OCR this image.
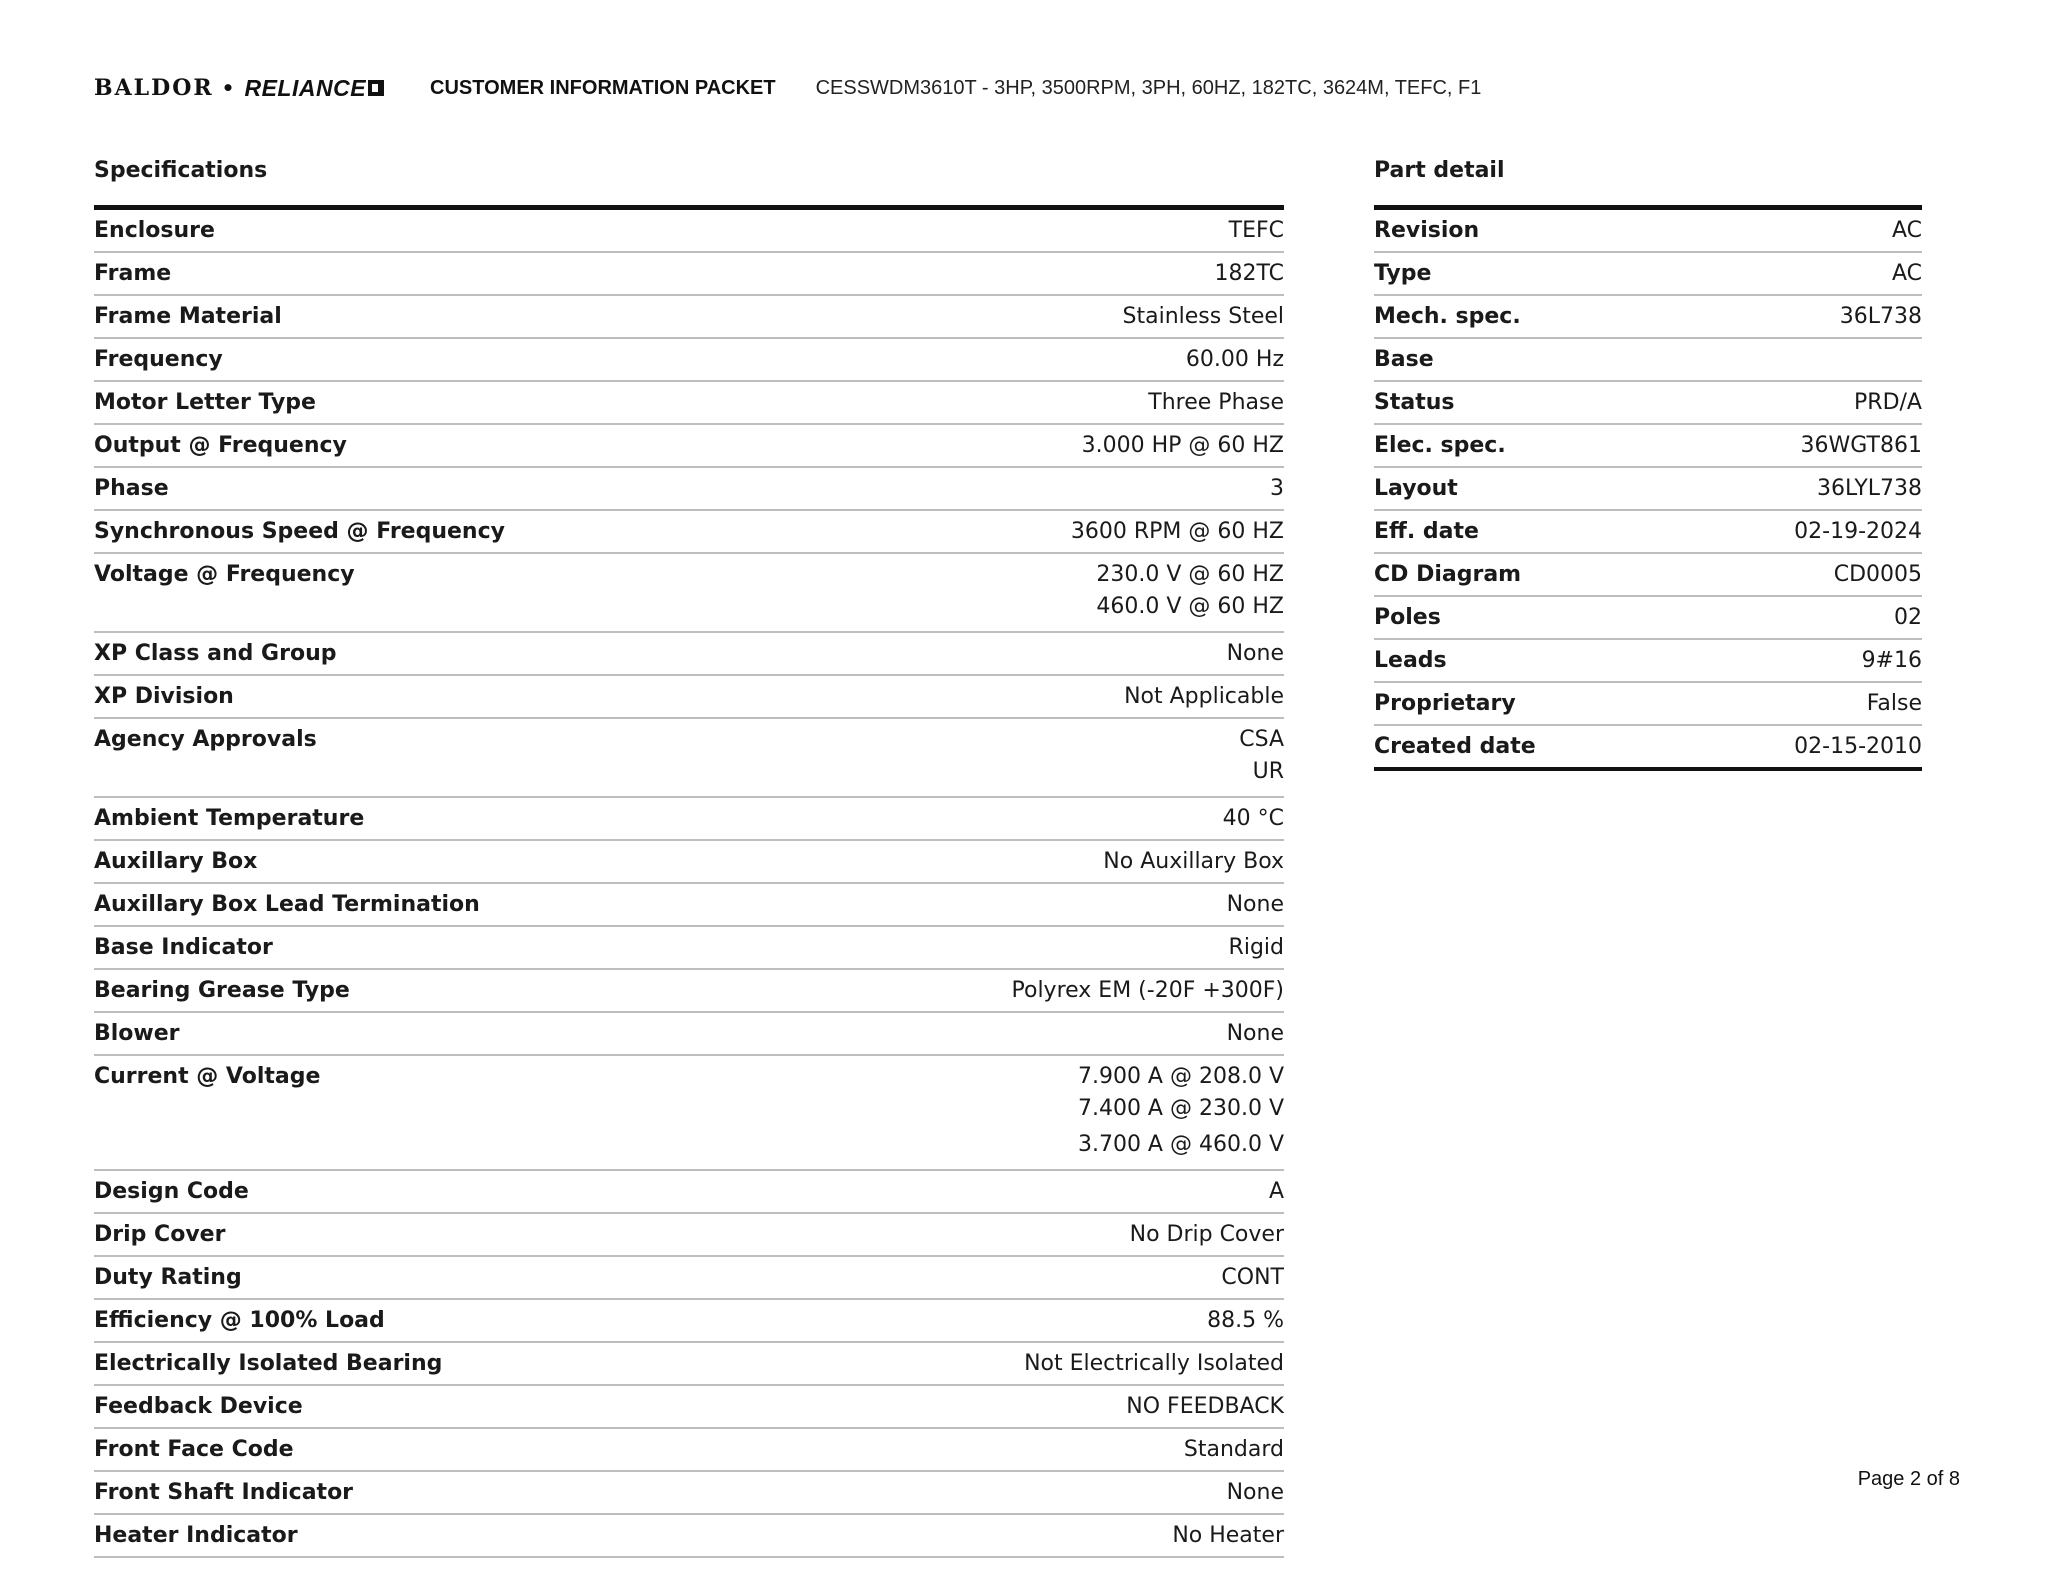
BALDOR • RELIANCE	CUSTOMER INFORMATION PACKET CESSWDM3610T - 3HP, 3500RPM, 3PH, 60HZ, 182TC, 3624M, TEFC, F1
Specifications
Enclosure	TEFC
Frame	182TC
Frame Material	Stainless Steel
Frequency	60.00 Hz
Motor Letter Type	Three Phase
Output @ Frequency	3.000 HP @ 60 HZ
Phase	3
Synchronous Speed @ Frequency	3600 RPM @ 60 HZ
Voltage @ Frequency	230.0 V @ 60 HZ
460.0 V @ 60 HZ
XP Class and Group	None
XP Division	Not Applicable
Agency Approvals	CSA
UR
Ambient Temperature	40 °C
Auxillary Box	No Auxillary Box
Auxillary Box Lead Termination	None
Base Indicator	Rigid
Bearing Grease Type	Polyrex EM (-20F +300F)
Blower	None
Current @ Voltage	7.900 A @ 208.0 V
7.400 A @ 230.0 V
3.700 A @ 460.0 V
Design Code	A
Drip Cover	No Drip Cover
Duty Rating	CONT
Efficiency @ 100% Load	88.5 %
Electrically Isolated Bearing	Not Electrically Isolated
Feedback Device	NO FEEDBACK
Front Face Code	Standard
Front Shaft Indicator	None
Heater Indicator	No Heater
Part detail
Revision	AC
Type	AC
Mech. spec.	36L738
Base
Status	PRD/A
Elec. spec.	36WGT861
Layout	36LYL738
Eff. date	02-19-2024
CD Diagram	CD0005
Poles	02
Leads	9#16
Proprietary	False
Created date	02-15-2010
Page 2 of 8
